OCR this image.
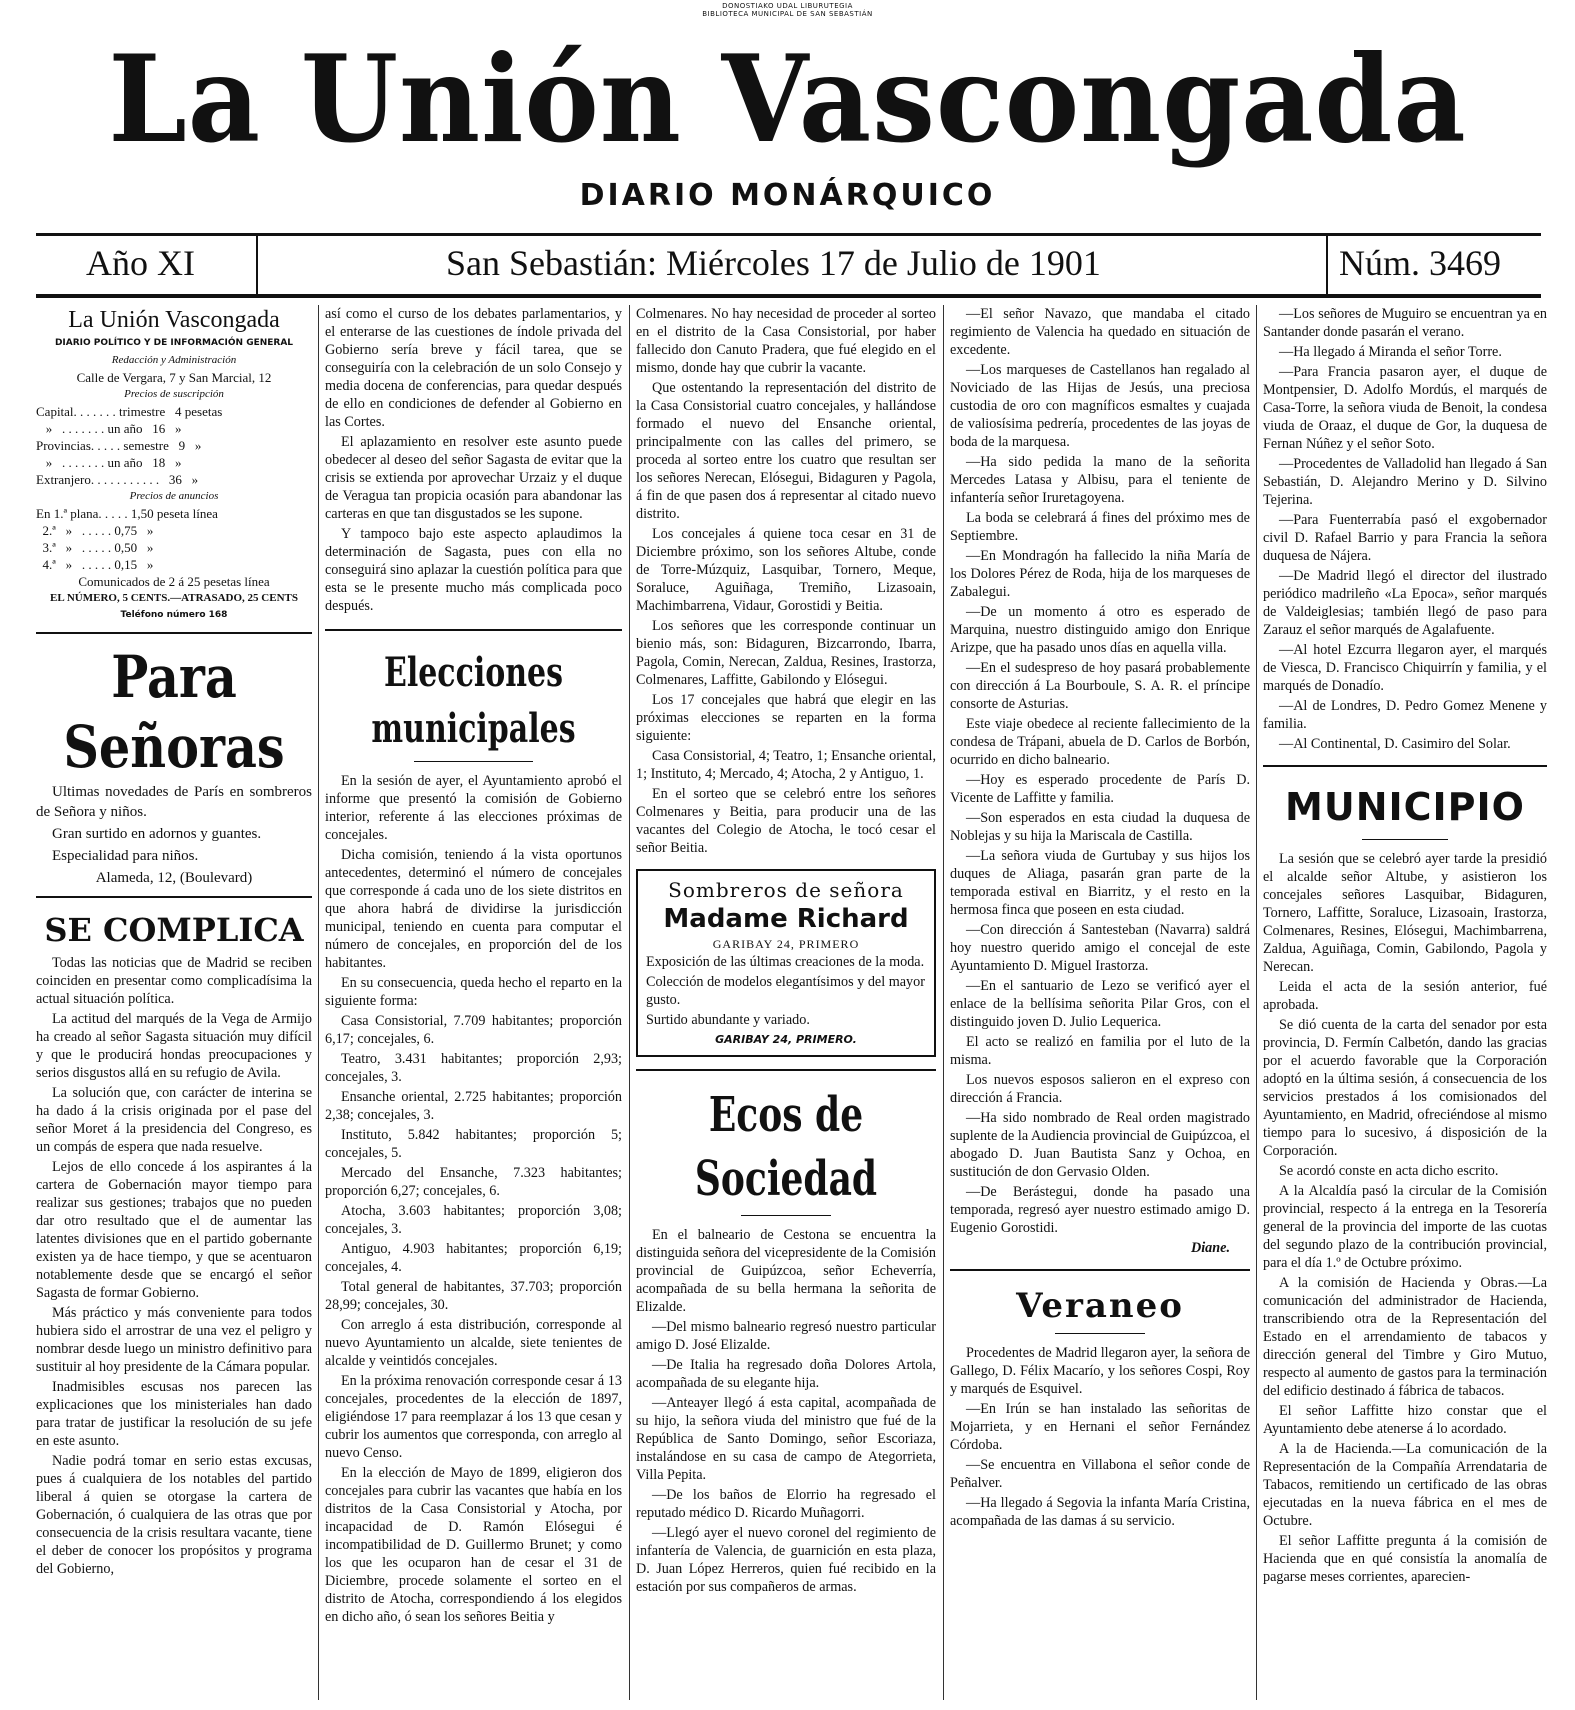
DONOSTIAKO UDAL LIBURUTEGIA
BIBLIOTECA MUNICIPAL DE SAN SEBASTIÁN
La Unión Vascongada
DIARIO MONÁRQUICO
Año XI	San Sebastián: Miércoles 17 de Julio de 1901	Núm. 3469
La Unión Vascongada
DIARIO POLÍTICO Y DE INFORMACIÓN GENERAL
Redacción y Administración
Calle de Vergara, 7 y San Marcial, 12
Precios de suscripción
Capital. . . . . . . trimestre   4 pesetas
»   . . . . . . . un año   16   »
Provincias. . . . . semestre   9   »
»   . . . . . . . un año   18   »
Extranjero. . . . . . . . . . .   36   »
Precios de anuncios
En 1.ª plana. . . . . 1,50 peseta línea
2.ª   »   . . . . . 0,75   »
3.ª   »   . . . . . 0,50   »
4.ª   »   . . . . . 0,15   »
Comunicados de 2 á 25 pesetas línea
EL NÚMERO, 5 CENTS.—ATRASADO, 25 CENTS
Teléfono número 168
Para Señoras

Ultimas novedades de París en sombreros de Señora y niños.

Gran surtido en adornos y guantes.

Especialidad para niños.

Alameda, 12, (Boulevard)

SE COMPLICA

Todas las noticias que de Madrid se reciben coinciden en presentar como complicadísima la actual situación política.

La actitud del marqués de la Vega de Armijo ha creado al señor Sagasta situación muy difícil y que le producirá hondas preocupaciones y serios disgustos allá en su refugio de Avila.

La solución que, con carácter de interina se ha dado á la crisis originada por el pase del señor Moret á la presidencia del Congreso, es un compás de espera que nada resuelve.

Lejos de ello concede á los aspirantes á la cartera de Gobernación mayor tiempo para realizar sus gestiones; trabajos que no pueden dar otro resultado que el de aumentar las latentes divisiones que en el partido gobernante existen ya de hace tiempo, y que se acentuaron notablemente desde que se encargó el señor Sagasta de formar Gobierno.

Más práctico y más conveniente para todos hubiera sido el arrostrar de una vez el peligro y nombrar desde luego un ministro definitivo para sustituir al hoy presidente de la Cámara popular.

Inadmisibles escusas nos parecen las explicaciones que los ministeriales han dado para tratar de justificar la resolución de su jefe en este asunto.

Nadie podrá tomar en serio estas excusas, pues á cualquiera de los notables del partido liberal á quien se otorgase la cartera de Gobernación, ó cualquiera de las otras que por consecuencia de la crisis resultara vacante, tiene el deber de conocer los propósitos y programa del Gobierno,

así como el curso de los debates parlamentarios, y el enterarse de las cuestiones de índole privada del Gobierno sería breve y fácil tarea, que se conseguiría con la celebración de un solo Consejo y media docena de conferencias, para quedar después de ello en condiciones de defender al Gobierno en las Cortes.

El aplazamiento en resolver este asunto puede obedecer al deseo del señor Sagasta de evitar que la crisis se extienda por aprovechar Urzaiz y el duque de Veragua tan propicia ocasión para abandonar las carteras en que tan disgustados se les supone.

Y tampoco bajo este aspecto aplaudimos la determinación de Sagasta, pues con ella no conseguirá sino aplazar la cuestión política para que esta se le presente mucho más complicada poco después.

Elecciones municipales

En la sesión de ayer, el Ayuntamiento aprobó el informe que presentó la comisión de Gobierno interior, referente á las elecciones próximas de concejales.

Dicha comisión, teniendo á la vista oportunos antecedentes, determinó el número de concejales que corresponde á cada uno de los siete distritos en que ahora habrá de dividirse la jurisdicción municipal, teniendo en cuenta para computar el número de concejales, en proporción del de los habitantes.

En su consecuencia, queda hecho el reparto en la siguiente forma:

Casa Consistorial, 7.709 habitantes; proporción 6,17; concejales, 6.

Teatro, 3.431 habitantes; proporción 2,93; concejales, 3.

Ensanche oriental, 2.725 habitantes; proporción 2,38; concejales, 3.

Instituto, 5.842 habitantes; proporción 5; concejales, 5.

Mercado del Ensanche, 7.323 habitantes; proporción 6,27; concejales, 6.

Atocha, 3.603 habitantes; proporción 3,08; concejales, 3.

Antiguo, 4.903 habitantes; proporción 6,19; concejales, 4.

Total general de habitantes, 37.703; proporción 28,99; concejales, 30.

Con arreglo á esta distribución, corresponde al nuevo Ayuntamiento un alcalde, siete tenientes de alcalde y veintidós concejales.

En la próxima renovación corresponde cesar á 13 concejales, procedentes de la elección de 1897, eligiéndose 17 para reemplazar á los 13 que cesan y cubrir los aumentos que corresponda, con arreglo al nuevo Censo.

En la elección de Mayo de 1899, eligieron dos concejales para cubrir las vacantes que había en los distritos de la Casa Consistorial y Atocha, por incapacidad de D. Ramón Elósegui é incompatibilidad de D. Guillermo Brunet; y como los que les ocuparon han de cesar el 31 de Diciembre, procede solamente el sorteo en el distrito de Atocha, correspondiendo á los elegidos en dicho año, ó sean los señores Beitia y

Colmenares. No hay necesidad de proceder al sorteo en el distrito de la Casa Consistorial, por haber fallecido don Canuto Pradera, que fué elegido en el mismo, donde hay que cubrir la vacante.

Que ostentando la representación del distrito de la Casa Consistorial cuatro concejales, y hallándose formado el nuevo del Ensanche oriental, principalmente con las calles del primero, se proceda al sorteo entre los cuatro que resultan ser los señores Nerecan, Elósegui, Bidaguren y Pagola, á fin de que pasen dos á representar al citado nuevo distrito.

Los concejales á quiene toca cesar en 31 de Diciembre próximo, son los señores Altube, conde de Torre-Múzquiz, Lasquibar, Tornero, Meque, Soraluce, Aguiñaga, Tremiño, Lizasoain, Machimbarrena, Vidaur, Gorostidi y Beitia.

Los señores que les corresponde continuar un bienio más, son: Bidaguren, Bizcarrondo, Ibarra, Pagola, Comin, Nerecan, Zaldua, Resines, Irastorza, Colmenares, Laffitte, Gabilondo y Elósegui.

Los 17 concejales que habrá que elegir en las próximas elecciones se reparten en la forma siguiente:

Casa Consistorial, 4; Teatro, 1; Ensanche oriental, 1; Instituto, 4; Mercado, 4; Atocha, 2 y Antiguo, 1.

En el sorteo que se celebró entre los señores Colmenares y Beitia, para producir una de las vacantes del Colegio de Atocha, le tocó cesar el señor Beitia.

Sombreros de señora
Madame Richard
GARIBAY 24, PRIMERO

Exposición de las últimas creaciones de la moda.

Colección de modelos elegantísimos y del mayor gusto.

Surtido abundante y variado.

GARIBAY 24, PRIMERO.
Ecos de Sociedad

En el balneario de Cestona se encuentra la distinguida señora del vicepresidente de la Comisión provincial de Guipúzcoa, señor Echeverría, acompañada de su bella hermana la señorita de Elizalde.

—Del mismo balneario regresó nuestro particular amigo D. José Elizalde.

—De Italia ha regresado doña Dolores Artola, acompañada de su elegante hija.

—Anteayer llegó á esta capital, acompañada de su hijo, la señora viuda del ministro que fué de la República de Santo Domingo, señor Escoriaza, instalándose en su casa de campo de Ategorrieta, Villa Pepita.

—De los baños de Elorrio ha regresado el reputado médico D. Ricardo Muñagorri.

—Llegó ayer el nuevo coronel del regimiento de infantería de Valencia, de guarnición en esta plaza, D. Juan López Herreros, quien fué recibido en la estación por sus compañeros de armas.

—El señor Navazo, que mandaba el citado regimiento de Valencia ha quedado en situación de excedente.

—Los marqueses de Castellanos han regalado al Noviciado de las Hijas de Jesús, una preciosa custodia de oro con magníficos esmaltes y cuajada de valiosísima pedrería, procedentes de las joyas de boda de la marquesa.

—Ha sido pedida la mano de la señorita Mercedes Latasa y Albisu, para el teniente de infantería señor Iruretagoyena.

La boda se celebrará á fines del próximo mes de Septiembre.

—En Mondragón ha fallecido la niña María de los Dolores Pérez de Roda, hija de los marqueses de Zabalegui.

—De un momento á otro es esperado de Marquina, nuestro distinguido amigo don Enrique Arizpe, que ha pasado unos días en aquella villa.

—En el sudespreso de hoy pasará probablemente con dirección á La Bourboule, S. A. R. el príncipe consorte de Asturias.

Este viaje obedece al reciente fallecimiento de la condesa de Trápani, abuela de D. Carlos de Borbón, ocurrido en dicho balneario.

—Hoy es esperado procedente de París D. Vicente de Laffitte y familia.

—Son esperados en esta ciudad la duquesa de Noblejas y su hija la Mariscala de Castilla.

—La señora viuda de Gurtubay y sus hijos los duques de Aliaga, pasarán gran parte de la temporada estival en Biarritz, y el resto en la hermosa finca que poseen en esta ciudad.

—Con dirección á Santesteban (Navarra) saldrá hoy nuestro querido amigo el concejal de este Ayuntamiento D. Miguel Irastorza.

—En el santuario de Lezo se verificó ayer el enlace de la bellísima señorita Pilar Gros, con el distinguido joven D. Julio Lequerica.

El acto se realizó en familia por el luto de la misma.

Los nuevos esposos salieron en el expreso con dirección á Francia.

—Ha sido nombrado de Real orden magistrado suplente de la Audiencia provincial de Guipúzcoa, el abogado D. Juan Bautista Sanz y Ochoa, en sustitución de don Gervasio Olden.

—De Berástegui, donde ha pasado una temporada, regresó ayer nuestro estimado amigo D. Eugenio Gorostidi.

Diane.
Veraneo

Procedentes de Madrid llegaron ayer, la señora de Gallego, D. Félix Macarío, y los señores Cospi, Roy y marqués de Esquivel.

—En Irún se han instalado las señoritas de Mojarrieta, y en Hernani el señor Fernández Córdoba.

—Se encuentra en Villabona el señor conde de Peñalver.

—Ha llegado á Segovia la infanta María Cristina, acompañada de las damas á su servicio.

—Los señores de Muguiro se encuentran ya en Santander donde pasarán el verano.

—Ha llegado á Miranda el señor Torre.

—Para Francia pasaron ayer, el duque de Montpensier, D. Adolfo Mordús, el marqués de Casa-Torre, la señora viuda de Benoit, la condesa viuda de Oraaz, el duque de Gor, la duquesa de Fernan Núñez y el señor Soto.

—Procedentes de Valladolid han llegado á San Sebastián, D. Alejandro Merino y D. Silvino Tejerina.

—Para Fuenterrabía pasó el exgobernador civil D. Rafael Barrio y para Francia la señora duquesa de Nájera.

—De Madrid llegó el director del ilustrado periódico madrileño «La Epoca», señor marqués de Valdeiglesias; también llegó de paso para Zarauz el señor marqués de Agalafuente.

—Al hotel Ezcurra llegaron ayer, el marqués de Viesca, D. Francisco Chiquirrín y familia, y el marqués de Donadío.

—Al de Londres, D. Pedro Gomez Menene y familia.

—Al Continental, D. Casimiro del Solar.

MUNICIPIO

La sesión que se celebró ayer tarde la presidió el alcalde señor Altube, y asistieron los concejales señores Lasquibar, Bidaguren, Tornero, Laffitte, Soraluce, Lizasoain, Irastorza, Colmenares, Resines, Elósegui, Machimbarrena, Zaldua, Aguiñaga, Comin, Gabilondo, Pagola y Nerecan.

Leida el acta de la sesión anterior, fué aprobada.

Se dió cuenta de la carta del senador por esta provincia, D. Fermín Calbetón, dando las gracias por el acuerdo favorable que la Corporación adoptó en la última sesión, á consecuencia de los servicios prestados á los comisionados del Ayuntamiento, en Madrid, ofreciéndose al mismo tiempo para lo sucesivo, á disposición de la Corporación.

Se acordó conste en acta dicho escrito.

A la Alcaldía pasó la circular de la Comisión provincial, respecto á la entrega en la Tesorería general de la provincia del importe de las cuotas del segundo plazo de la contribución provincial, para el día 1.º de Octubre próximo.

A la comisión de Hacienda y Obras.—La comunicación del administrador de Hacienda, transcribiendo otra de la Representación del Estado en el arrendamiento de tabacos y dirección general del Timbre y Giro Mutuo, respecto al aumento de gastos para la terminación del edificio destinado á fábrica de tabacos.

El señor Laffitte hizo constar que el Ayuntamiento debe atenerse á lo acordado.

A la de Hacienda.—La comunicación de la Representación de la Compañía Arrendataria de Tabacos, remitiendo un certificado de las obras ejecutadas en la nueva fábrica en el mes de Octubre.

El señor Laffitte pregunta á la comisión de Hacienda que en qué consistía la anomalía de pagarse meses corrientes, aparecien-
